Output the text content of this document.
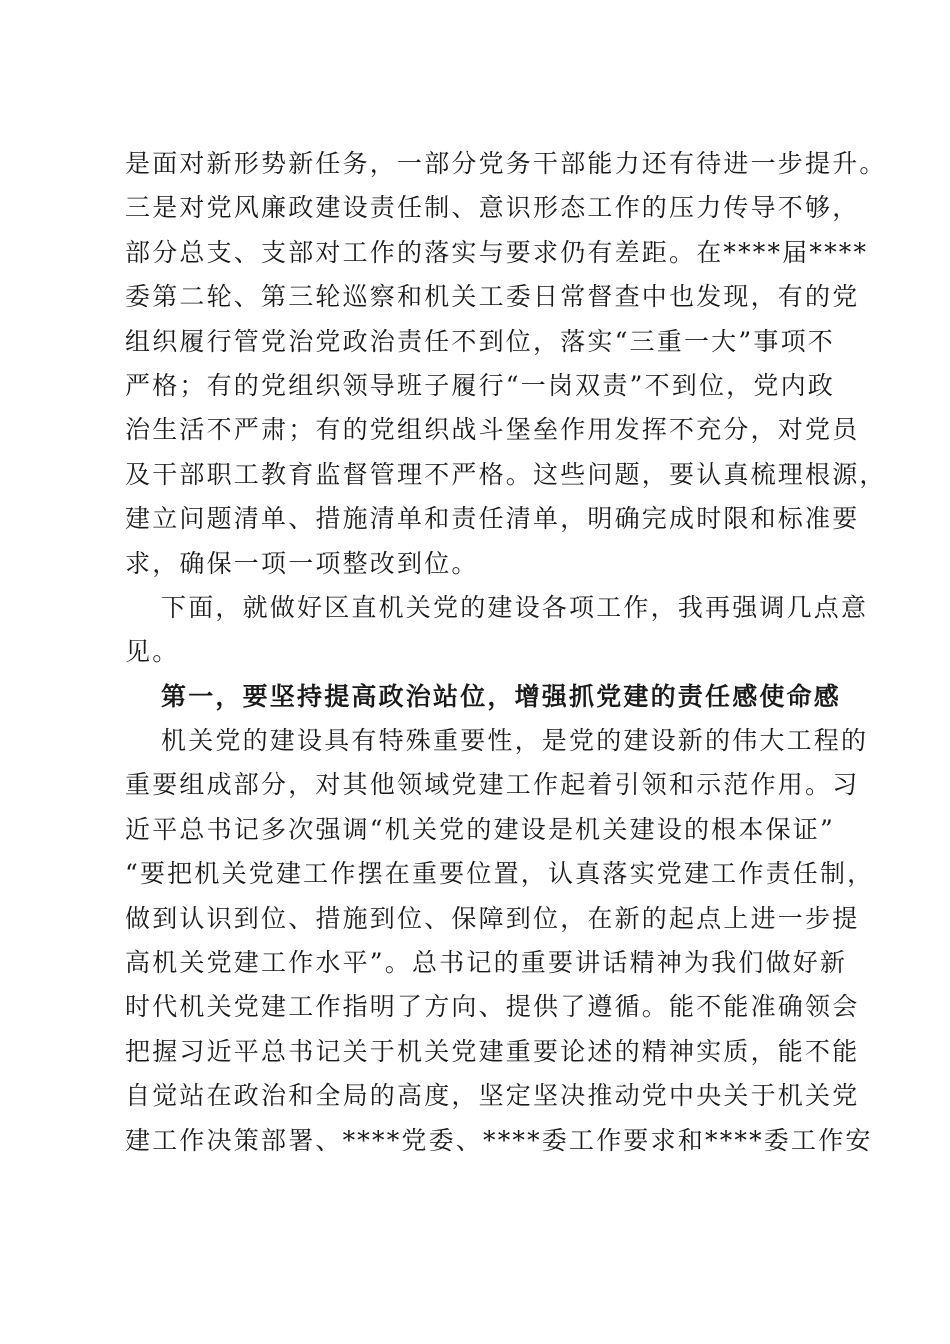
是面对新形势新任务，一部分党务干部能力还有待进一步提升。
三是对党风廉政建设责任制、意识形态工作的压力传导不够，
部分总支、支部对工作的落实与要求仍有差距。在****届****
委第二轮、第三轮巡察和机关工委日常督查中也发现，有的党
组织履行管党治党政治责任不到位，落实“三重一大”事项不
严格；有的党组织领导班子履行“一岗双责”不到位，党内政
治生活不严肃；有的党组织战斗堡垒作用发挥不充分，对党员
及干部职工教育监督管理不严格。这些问题，要认真梳理根源，
建立问题清单、措施清单和责任清单，明确完成时限和标准要
求，确保一项一项整改到位。
下面，就做好区直机关党的建设各项工作，我再强调几点意
见。
第一，要坚持提高政治站位，增强抓党建的责任感使命感
机关党的建设具有特殊重要性，是党的建设新的伟大工程的
重要组成部分，对其他领域党建工作起着引领和示范作用。习
近平总书记多次强调“机关党的建设是机关建设的根本保证”
“要把机关党建工作摆在重要位置，认真落实党建工作责任制，
做到认识到位、措施到位、保障到位，在新的起点上进一步提
高机关党建工作水平”。总书记的重要讲话精神为我们做好新
时代机关党建工作指明了方向、提供了遵循。能不能准确领会
把握习近平总书记关于机关党建重要论述的精神实质，能不能
自觉站在政治和全局的高度，坚定坚决推动党中央关于机关党
建工作决策部署、****党委、****委工作要求和****委工作安
